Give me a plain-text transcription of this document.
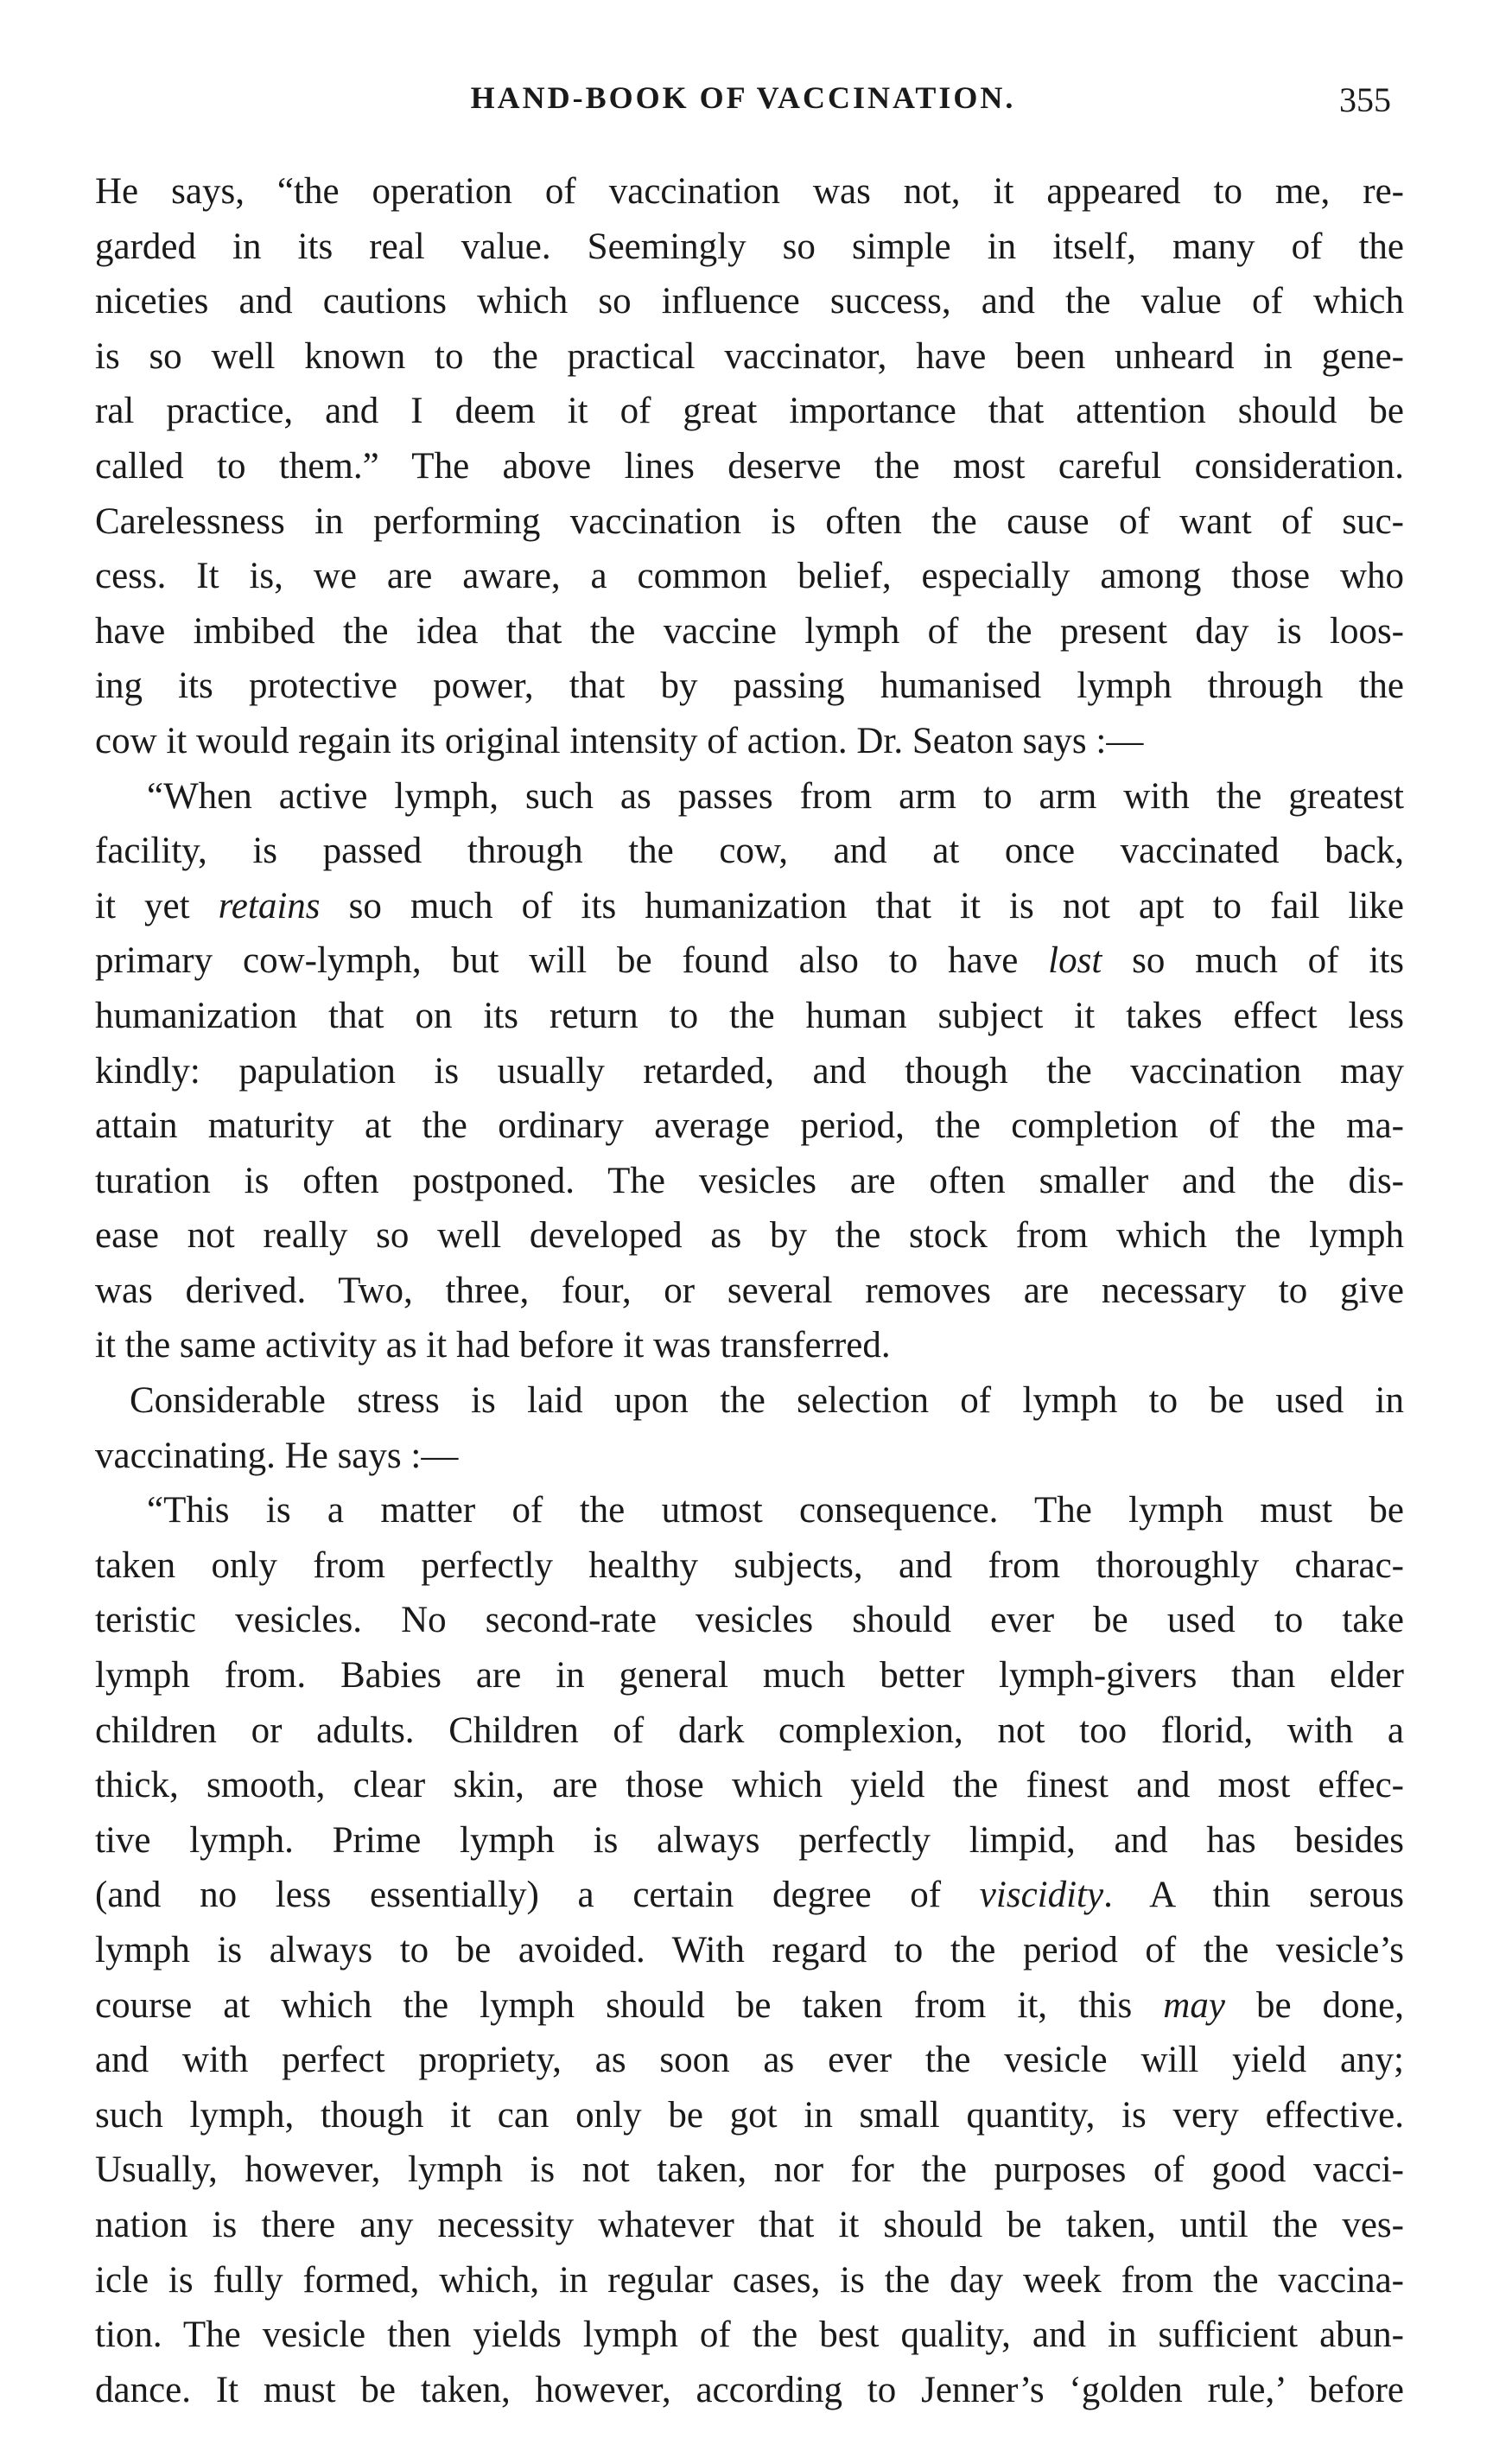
HAND-BOOK OF VACCINATION.	355
He says, “the operation of vaccination was not, it appeared to me, re-
garded in its real value. Seemingly so simple in itself, many of the
niceties and cautions which so influence success, and the value of which
is so well known to the practical vaccinator, have been unheard in gene-
ral practice, and I deem it of great importance that attention should be
called to them.” The above lines deserve the most careful consideration.
Carelessness in performing vaccination is often the cause of want of suc-
cess. It is, we are aware, a common belief, especially among those who
have imbibed the idea that the vaccine lymph of the present day is loos-
ing its protective power, that by passing humanised lymph through the
cow it would regain its original intensity of action. Dr. Seaton says :—
“When active lymph, such as passes from arm to arm with the greatest
facility, is passed through the cow, and at once vaccinated back,
it yet retains so much of its humanization that it is not apt to fail like
primary cow-lymph, but will be found also to have lost so much of its
humanization that on its return to the human subject it takes effect less
kindly: papulation is usually retarded, and though the vaccination may
attain maturity at the ordinary average period, the completion of the ma-
turation is often postponed. The vesicles are often smaller and the dis-
ease not really so well developed as by the stock from which the lymph
was derived. Two, three, four, or several removes are necessary to give
it the same activity as it had before it was transferred.
Considerable stress is laid upon the selection of lymph to be used in
vaccinating. He says :—
“This is a matter of the utmost consequence. The lymph must be
taken only from perfectly healthy subjects, and from thoroughly charac-
teristic vesicles. No second-rate vesicles should ever be used to take
lymph from. Babies are in general much better lymph-givers than elder
children or adults. Children of dark complexion, not too florid, with a
thick, smooth, clear skin, are those which yield the finest and most effec-
tive lymph. Prime lymph is always perfectly limpid, and has besides
(and no less essentially) a certain degree of viscidity. A thin serous
lymph is always to be avoided. With regard to the period of the vesicle’s
course at which the lymph should be taken from it, this may be done,
and with perfect propriety, as soon as ever the vesicle will yield any;
such lymph, though it can only be got in small quantity, is very effective.
Usually, however, lymph is not taken, nor for the purposes of good vacci-
nation is there any necessity whatever that it should be taken, until the ves-
icle is fully formed, which, in regular cases, is the day week from the vaccina-
tion. The vesicle then yields lymph of the best quality, and in sufficient abun-
dance. It must be taken, however, according to Jenner’s ‘golden rule,’ before
